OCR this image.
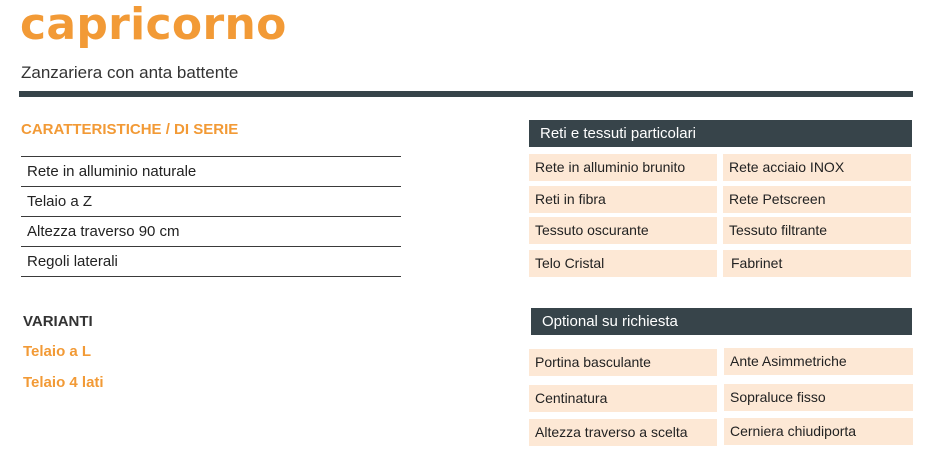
capricorno
Zanzariera con anta battente
CARATTERISTICHE / DI SERIE
Rete in alluminio naturale
Telaio a Z
Altezza traverso 90 cm
Regoli laterali
VARIANTI
Telaio a L
Telaio 4 lati
Reti e tessuti particolari
Rete in alluminio brunito	Rete acciaio INOX
Reti in fibra	Rete Petscreen
Tessuto oscurante	Tessuto filtrante
Telo Cristal	Fabrinet
Optional su richiesta
Portina basculante	Ante Asimmetriche
Centinatura	Sopraluce fisso
Altezza traverso a scelta	Cerniera chiudiporta
